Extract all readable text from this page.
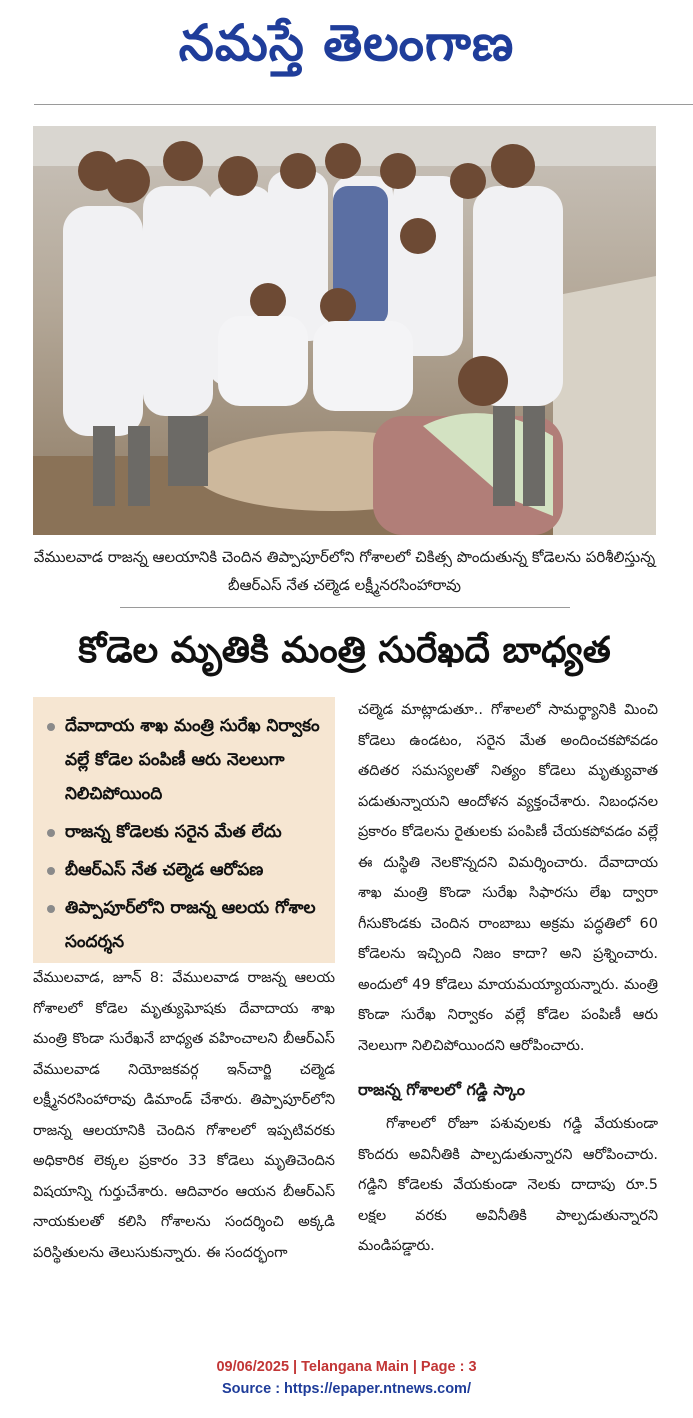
నమస్తే తెలంగాణ
వేములవాడ రాజన్న ఆలయానికి చెందిన తిప్పాపూర్‌లోని గోశాలలో చికిత్స పొందుతున్న కోడెలను పరిశీలిస్తున్న బీఆర్‌ఎస్ నేత చల్మెడ లక్ష్మీనరసింహారావు
కోడెల మృతికి మంత్రి సురేఖదే బాధ్యత
దేవాదాయ శాఖ మంత్రి సురేఖ నిర్వాకం వల్లే కోడెల పంపిణీ ఆరు నెలలుగా నిలిచిపోయింది
రాజన్న కోడెలకు సరైన మేత లేదు
బీఆర్‌ఎస్ నేత చల్మెడ ఆరోపణ
తిప్పాపూర్‌లోని రాజన్న ఆలయ గోశాల సందర్శన

వేములవాడ, జూన్ 8: వేములవాడ రాజన్న ఆలయ గోశాలలో కోడెల మృత్యుఘోషకు దేవాదాయ శాఖ మంత్రి కొండా సురేఖనే బాధ్యత వహించాలని బీఆర్‌ఎస్ వేములవాడ నియోజకవర్గ ఇన్‌చార్జి చల్మెడ లక్ష్మీనరసింహారావు డిమాండ్ చేశారు. తిప్పాపూర్‌లోని రాజన్న ఆలయానికి చెందిన గోశాలలో ఇప్పటివరకు అధికారిక లెక్కల ప్రకారం 33 కోడెలు మృతిచెందిన విషయాన్ని గుర్తుచేశారు. ఆదివారం ఆయన బీఆర్‌ఎస్ నాయకులతో కలిసి గోశాలను సందర్శించి అక్కడి పరిస్థితులను తెలుసుకున్నారు. ఈ సందర్భంగా

చల్మెడ మాట్లాడుతూ.. గోశాలలో సామర్థ్యానికి మించి కోడెలు ఉండటం, సరైన మేత అందించకపోవడం తదితర సమస్యలతో నిత్యం కోడెలు మృత్యువాత పడుతున్నాయని ఆందోళన వ్యక్తంచేశారు. నిబంధనల ప్రకారం కోడెలను రైతులకు పంపిణీ చేయకపోవడం వల్లే ఈ దుస్థితి నెలకొన్నదని విమర్శించారు. దేవాదాయ శాఖ మంత్రి కొండా సురేఖ సిఫారసు లేఖ ద్వారా గీసుకొండకు చెందిన రాంబాబు అక్రమ పద్ధతిలో 60 కోడెలను ఇచ్చింది నిజం కాదా? అని ప్రశ్నించారు. అందులో 49 కోడెలు మాయమయ్యాయన్నారు. మంత్రి కొండా సురేఖ నిర్వాకం వల్లే కోడెల పంపిణీ ఆరు నెలలుగా నిలిచిపోయిందని ఆరోపించారు.

రాజన్న గోశాలలో గడ్డి స్కాం

గోశాలలో రోజూ పశువులకు గడ్డి వేయకుండా కొందరు అవినీతికి పాల్పడుతున్నారని ఆరోపించారు. గడ్డిని కోడెలకు వేయకుండా నెలకు దాదాపు రూ.5 లక్షల వరకు అవినీతికి పాల్పడుతున్నారని మండిపడ్డారు.

09/06/2025 | Telangana Main | Page : 3
Source : https://epaper.ntnews.com/
